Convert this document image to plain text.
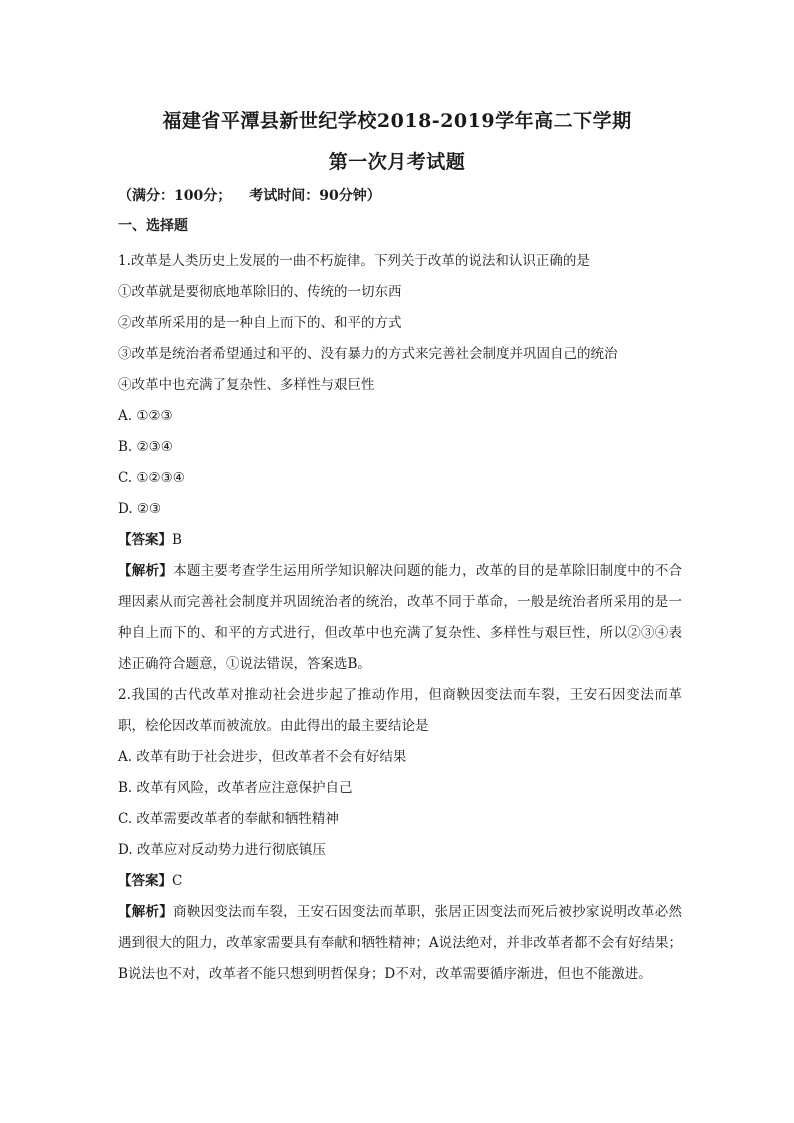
福建省平潭县新世纪学校2018-2019学年高二下学期
第一次月考试题
（满分：100分； 考试时间：90分钟）
一、选择题
1.改革是人类历史上发展的一曲不朽旋律。下列关于改革的说法和认识正确的是
①改革就是要彻底地革除旧的、传统的一切东西
②改革所采用的是一种自上而下的、和平的方式
③改革是统治者希望通过和平的、没有暴力的方式来完善社会制度并巩固自己的统治
④改革中也充满了复杂性、多样性与艰巨性
A. ①②③
B. ②③④
C. ①②③④
D. ②③
【答案】B
【解析】本题主要考查学生运用所学知识解决问题的能力，改革的目的是革除旧制度中的不合理因素从而完善社会制度并巩固统治者的统治，改革不同于革命，一般是统治者所采用的是一种自上而下的、和平的方式进行，但改革中也充满了复杂性、多样性与艰巨性，所以②③④表述正确符合题意，①说法错误，答案选B。
2.我国的古代改革对推动社会进步起了推动作用，但商鞅因变法而车裂，王安石因变法而革职，桧伦因改革而被流放。由此得出的最主要结论是
A. 改革有助于社会进步，但改革者不会有好结果
B. 改革有风险，改革者应注意保护自己
C. 改革需要改革者的奉献和牺牲精神
D. 改革应对反动势力进行彻底镇压
【答案】C
【解析】商鞅因变法而车裂，王安石因变法而革职，张居正因变法而死后被抄家说明改革必然遇到很大的阻力，改革家需要具有奉献和牺牲精神；A说法绝对，并非改革者都不会有好结果；B说法也不对，改革者不能只想到明哲保身；D不对，改革需要循序渐进，但也不能激进。
